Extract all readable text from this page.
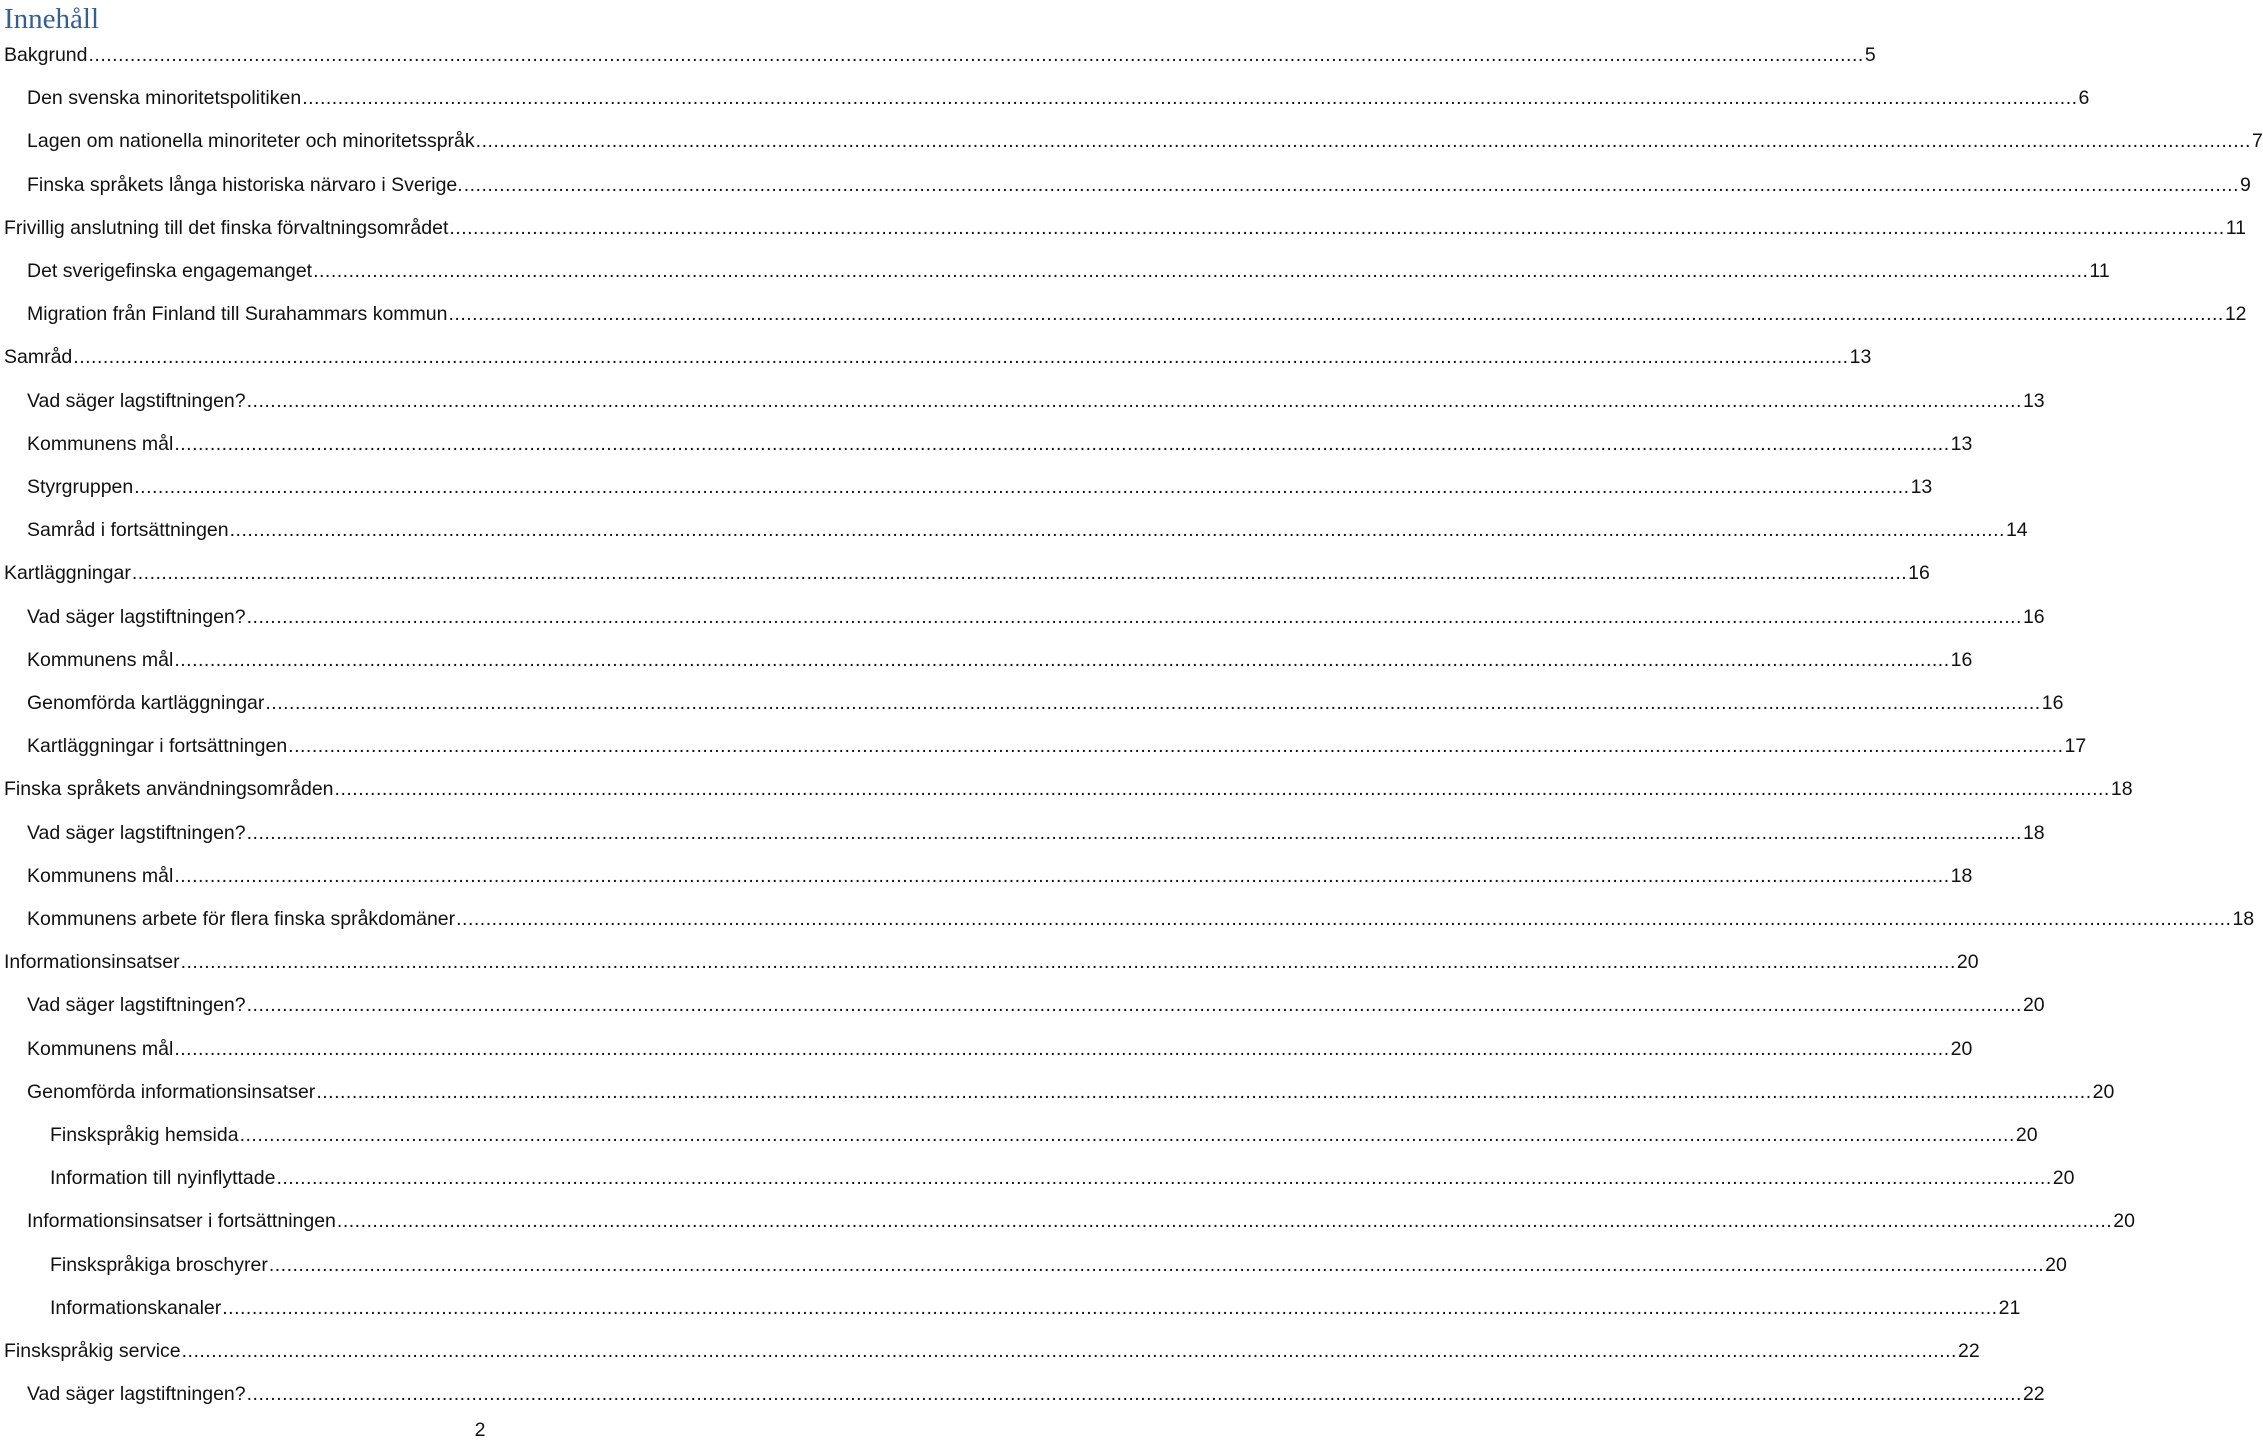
Innehåll
Bakgrund ............................................................................................................................................................................................................................................................................................................ 5
Den svenska minoritetspolitiken ............................................................................................................................................................................................................................................................................................................ 6
Lagen om nationella minoriteter och minoritetsspråk ............................................................................................................................................................................................................................................................................................................ 7
Finska språkets långa historiska närvaro i Sverige. ............................................................................................................................................................................................................................................................................................................ 9
Frivillig anslutning till det finska förvaltningsområdet ............................................................................................................................................................................................................................................................................................................ 11
Det sverigefinska engagemanget ............................................................................................................................................................................................................................................................................................................ 11
Migration från Finland till Surahammars kommun ............................................................................................................................................................................................................................................................................................................ 12
Samråd ............................................................................................................................................................................................................................................................................................................ 13
Vad säger lagstiftningen? ............................................................................................................................................................................................................................................................................................................ 13
Kommunens mål ............................................................................................................................................................................................................................................................................................................ 13
Styrgruppen ............................................................................................................................................................................................................................................................................................................ 13
Samråd i fortsättningen ............................................................................................................................................................................................................................................................................................................ 14
Kartläggningar ............................................................................................................................................................................................................................................................................................................ 16
Vad säger lagstiftningen? ............................................................................................................................................................................................................................................................................................................ 16
Kommunens mål ............................................................................................................................................................................................................................................................................................................ 16
Genomförda kartläggningar ............................................................................................................................................................................................................................................................................................................ 16
Kartläggningar i fortsättningen ............................................................................................................................................................................................................................................................................................................ 17
Finska språkets användningsområden ............................................................................................................................................................................................................................................................................................................ 18
Vad säger lagstiftningen? ............................................................................................................................................................................................................................................................................................................ 18
Kommunens mål ............................................................................................................................................................................................................................................................................................................ 18
Kommunens arbete för flera finska språkdomäner ............................................................................................................................................................................................................................................................................................................ 18
Informationsinsatser ............................................................................................................................................................................................................................................................................................................ 20
Vad säger lagstiftningen? ............................................................................................................................................................................................................................................................................................................ 20
Kommunens mål ............................................................................................................................................................................................................................................................................................................ 20
Genomförda informationsinsatser ............................................................................................................................................................................................................................................................................................................ 20
Finskspråkig hemsida ............................................................................................................................................................................................................................................................................................................ 20
Information till nyinflyttade ............................................................................................................................................................................................................................................................................................................ 20
Informationsinsatser i fortsättningen ............................................................................................................................................................................................................................................................................................................ 20
Finskspråkiga broschyrer ............................................................................................................................................................................................................................................................................................................ 20
Informationskanaler ............................................................................................................................................................................................................................................................................................................ 21
Finskspråkig service ............................................................................................................................................................................................................................................................................................................ 22
Vad säger lagstiftningen? ............................................................................................................................................................................................................................................................................................................ 22
2
